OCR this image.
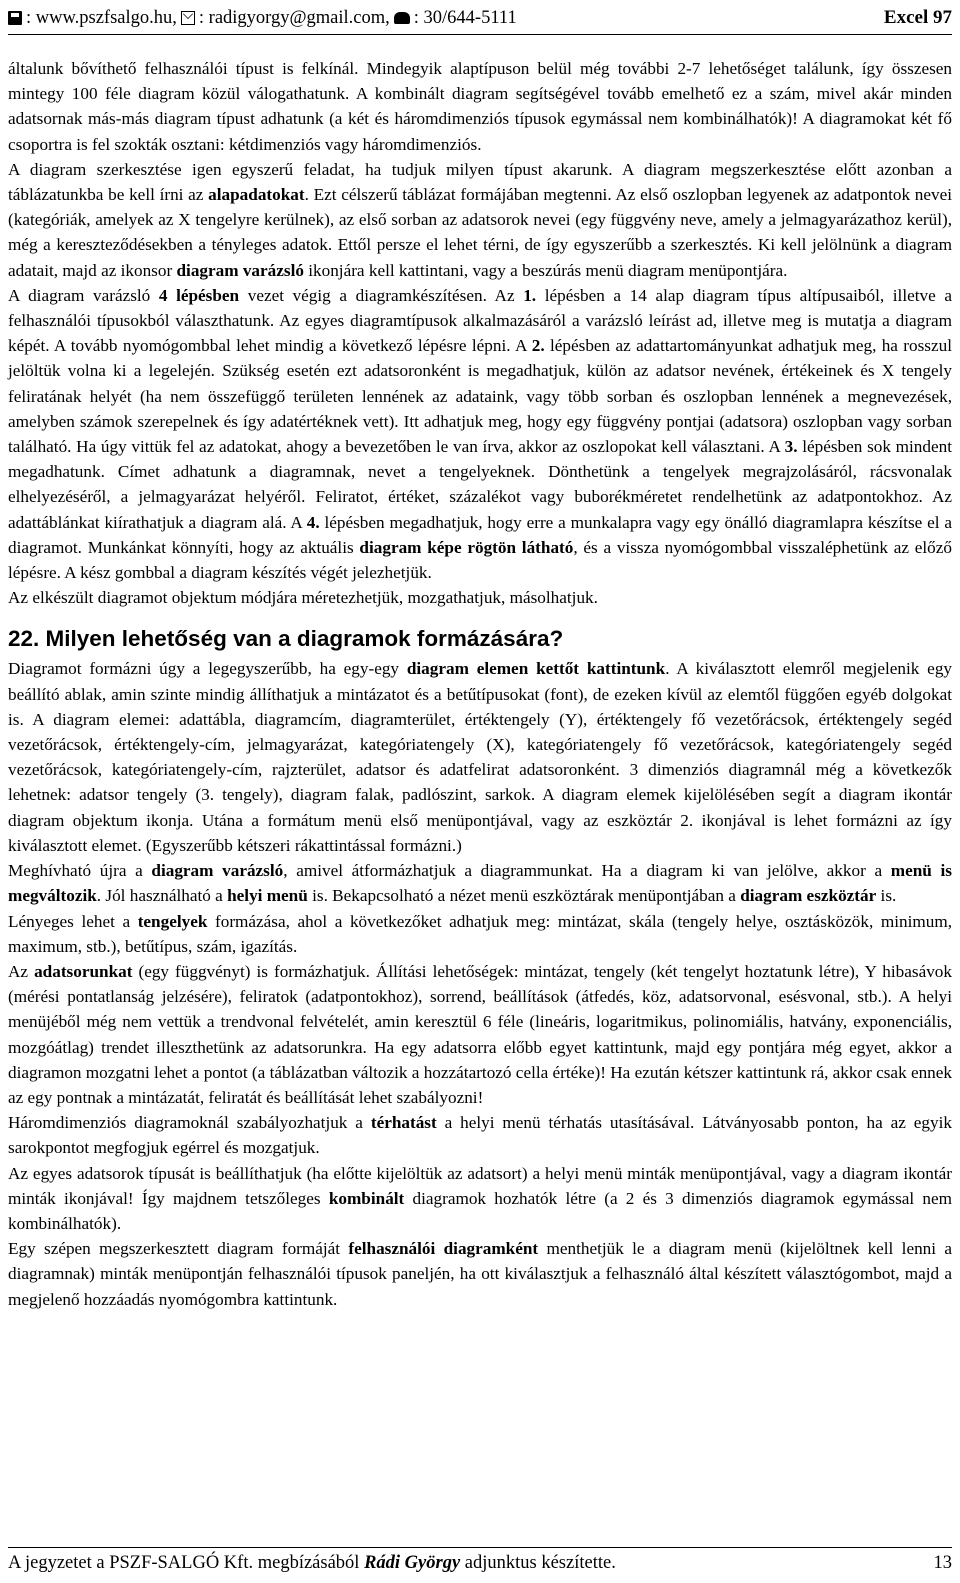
: www.pszfsalgo.hu, : radigyorgy@gmail.com, : 30/644-5111	Excel 97

általunk bővíthető felhasználói típust is felkínál. Mindegyik alaptípuson belül még további 2-7 lehetőséget találunk, így összesen mintegy 100 féle diagram közül válogathatunk. A kombinált diagram segítségével tovább emelhető ez a szám, mivel akár minden adatsornak más-más diagram típust adhatunk (a két és háromdimenziós típusok egymással nem kombinálhatók)! A diagramokat két fő csoportra is fel szokták osztani: kétdimenziós vagy háromdimenziós.

A diagram szerkesztése igen egyszerű feladat, ha tudjuk milyen típust akarunk. A diagram megszerkesztése előtt azonban a táblázatunkba be kell írni az alapadatokat. Ezt célszerű táblázat formájában megtenni. Az első oszlopban legyenek az adatpontok nevei (kategóriák, amelyek az X tengelyre kerülnek), az első sorban az adatsorok nevei (egy függvény neve, amely a jelmagyarázathoz kerül), még a kereszteződésekben a tényleges adatok. Ettől persze el lehet térni, de így egyszerűbb a szerkesztés. Ki kell jelölnünk a diagram adatait, majd az ikonsor diagram varázsló ikonjára kell kattintani, vagy a beszúrás menü diagram menüpontjára.

A diagram varázsló 4 lépésben vezet végig a diagramkészítésen. Az 1. lépésben a 14 alap diagram típus altípusaiból, illetve a felhasználói típusokból választhatunk. Az egyes diagramtípusok alkalmazásáról a varázsló leírást ad, illetve meg is mutatja a diagram képét. A tovább nyomógombbal lehet mindig a következő lépésre lépni. A 2. lépésben az adattartományunkat adhatjuk meg, ha rosszul jelöltük volna ki a legelején. Szükség esetén ezt adatsoronként is megadhatjuk, külön az adatsor nevének, értékeinek és X tengely feliratának helyét (ha nem összefüggő területen lennének az adataink, vagy több sorban és oszlopban lennének a megnevezések, amelyben számok szerepelnek és így adatértéknek vett). Itt adhatjuk meg, hogy egy függvény pontjai (adatsora) oszlopban vagy sorban található. Ha úgy vittük fel az adatokat, ahogy a bevezetőben le van írva, akkor az oszlopokat kell választani. A 3. lépésben sok mindent megadhatunk. Címet adhatunk a diagramnak, nevet a tengelyeknek. Dönthetünk a tengelyek megrajzolásáról, rácsvonalak elhelyezéséről, a jelmagyarázat helyéről. Feliratot, értéket, százalékot vagy buborékméretet rendelhetünk az adatpontokhoz. Az adattáblánkat kiírathatjuk a diagram alá. A 4. lépésben megadhatjuk, hogy erre a munkalapra vagy egy önálló diagramlapra készítse el a diagramot. Munkánkat könnyíti, hogy az aktuális diagram képe rögtön látható, és a vissza nyomógombbal visszaléphetünk az előző lépésre. A kész gombbal a diagram készítés végét jelezhetjük.

Az elkészült diagramot objektum módjára méretezhetjük, mozgathatjuk, másolhatjuk.

22. Milyen lehetőség van a diagramok formázására?

Diagramot formázni úgy a legegyszerűbb, ha egy-egy diagram elemen kettőt kattintunk. A kiválasztott elemről megjelenik egy beállító ablak, amin szinte mindig állíthatjuk a mintázatot és a betűtípusokat (font), de ezeken kívül az elemtől függően egyéb dolgokat is. A diagram elemei: adattábla, diagramcím, diagramterület, értéktengely (Y), értéktengely fő vezetőrácsok, értéktengely segéd vezetőrácsok, értéktengely-cím, jelmagyarázat, kategóriatengely (X), kategóriatengely fő vezetőrácsok, kategóriatengely segéd vezetőrácsok, kategóriatengely-cím, rajzterület, adatsor és adatfelirat adatsoronként. 3 dimenziós diagramnál még a következők lehetnek: adatsor tengely (3. tengely), diagram falak, padlószint, sarkok. A diagram elemek kijelölésében segít a diagram ikontár diagram objektum ikonja. Utána a formátum menü első menüpontjával, vagy az eszköztár 2. ikonjával is lehet formázni az így kiválasztott elemet. (Egyszerűbb kétszeri rákattintással formázni.)

Meghívható újra a diagram varázsló, amivel átformázhatjuk a diagrammunkat. Ha a diagram ki van jelölve, akkor a menü is megváltozik. Jól használható a helyi menü is. Bekapcsolható a nézet menü eszköztárak menüpontjában a diagram eszköztár is.

Lényeges lehet a tengelyek formázása, ahol a következőket adhatjuk meg: mintázat, skála (tengely helye, osztásközök, minimum, maximum, stb.), betűtípus, szám, igazítás.

Az adatsorunkat (egy függvényt) is formázhatjuk. Állítási lehetőségek: mintázat, tengely (két tengelyt hoztatunk létre), Y hibasávok (mérési pontatlanság jelzésére), feliratok (adatpontokhoz), sorrend, beállítások (átfedés, köz, adatsorvonal, esésvonal, stb.). A helyi menüjéből még nem vettük a trendvonal felvételét, amin keresztül 6 féle (lineáris, logaritmikus, polinomiális, hatvány, exponenciális, mozgóátlag) trendet illeszthetünk az adatsorunkra. Ha egy adatsorra előbb egyet kattintunk, majd egy pontjára még egyet, akkor a diagramon mozgatni lehet a pontot (a táblázatban változik a hozzátartozó cella értéke)! Ha ezután kétszer kattintunk rá, akkor csak ennek az egy pontnak a mintázatát, feliratát és beállítását lehet szabályozni!

Háromdimenziós diagramoknál szabályozhatjuk a térhatást a helyi menü térhatás utasításával. Látványosabb ponton, ha az egyik sarokpontot megfogjuk egérrel és mozgatjuk.

Az egyes adatsorok típusát is beállíthatjuk (ha előtte kijelöltük az adatsort) a helyi menü minták menüpontjával, vagy a diagram ikontár minták ikonjával! Így majdnem tetszőleges kombinált diagramok hozhatók létre (a 2 és 3 dimenziós diagramok egymással nem kombinálhatók).

Egy szépen megszerkesztett diagram formáját felhasználói diagramként menthetjük le a diagram menü (kijelöltnek kell lenni a diagramnak) minták menüpontján felhasználói típusok paneljén, ha ott kiválasztjuk a felhasználó által készített választógombot, majd a megjelenő hozzáadás nyomógombra kattintunk.

A jegyzetet a PSZF-SALGÓ Kft. megbízásából Rádi György adjunktus készítette.	13
